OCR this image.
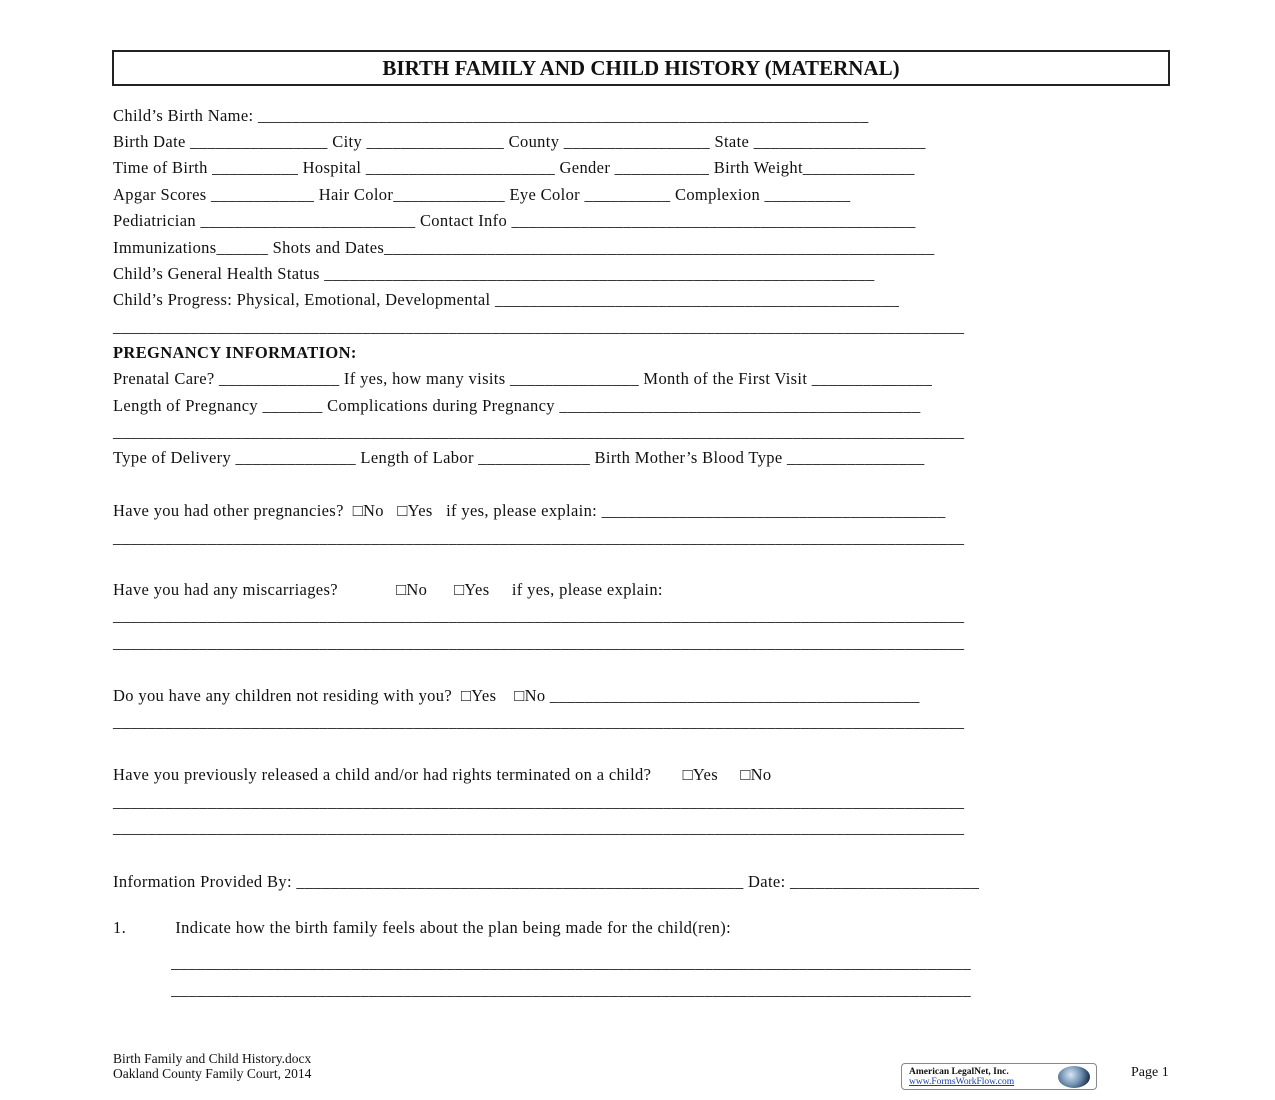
BIRTH FAMILY AND CHILD HISTORY (MATERNAL)
Child’s Birth Name: _______________________________________________________________________
Birth Date ________________ City ________________ County _________________ State ____________________
Time of Birth __________ Hospital ______________________ Gender ___________ Birth Weight_____________
Apgar Scores ____________ Hair Color_____________ Eye Color __________ Complexion __________
Pediatrician _________________________ Contact Info _______________________________________________
Immunizations______ Shots and Dates________________________________________________________________
Child’s General Health Status ________________________________________________________________
Child’s Progress: Physical, Emotional, Developmental _______________________________________________
___________________________________________________________________________________________________
PREGNANCY INFORMATION:
Prenatal Care? ______________ If yes, how many visits _______________ Month of the First Visit ______________
Length of Pregnancy _______ Complications during Pregnancy __________________________________________
___________________________________________________________________________________________________
Type of Delivery ______________ Length of Labor _____________ Birth Mother’s Blood Type ________________
Have you had other pregnancies?  □No   □Yes   if yes, please explain: ________________________________________
___________________________________________________________________________________________________
Have you had any miscarriages?             □No      □Yes     if yes, please explain:
___________________________________________________________________________________________________
___________________________________________________________________________________________________
Do you have any children not residing with you?  □Yes    □No ___________________________________________
___________________________________________________________________________________________________
Have you previously released a child and/or had rights terminated on a child?       □Yes     □No
___________________________________________________________________________________________________
___________________________________________________________________________________________________
Information Provided By: ____________________________________________________ Date: ______________________
1.           Indicate how the birth family feels about the plan being made for the child(ren):
_____________________________________________________________________________________________
_____________________________________________________________________________________________
Birth Family and Child History.docx
Oakland County Family Court, 2014	American LegalNet, Inc.
www.FormsWorkFlow.com
Page 1
